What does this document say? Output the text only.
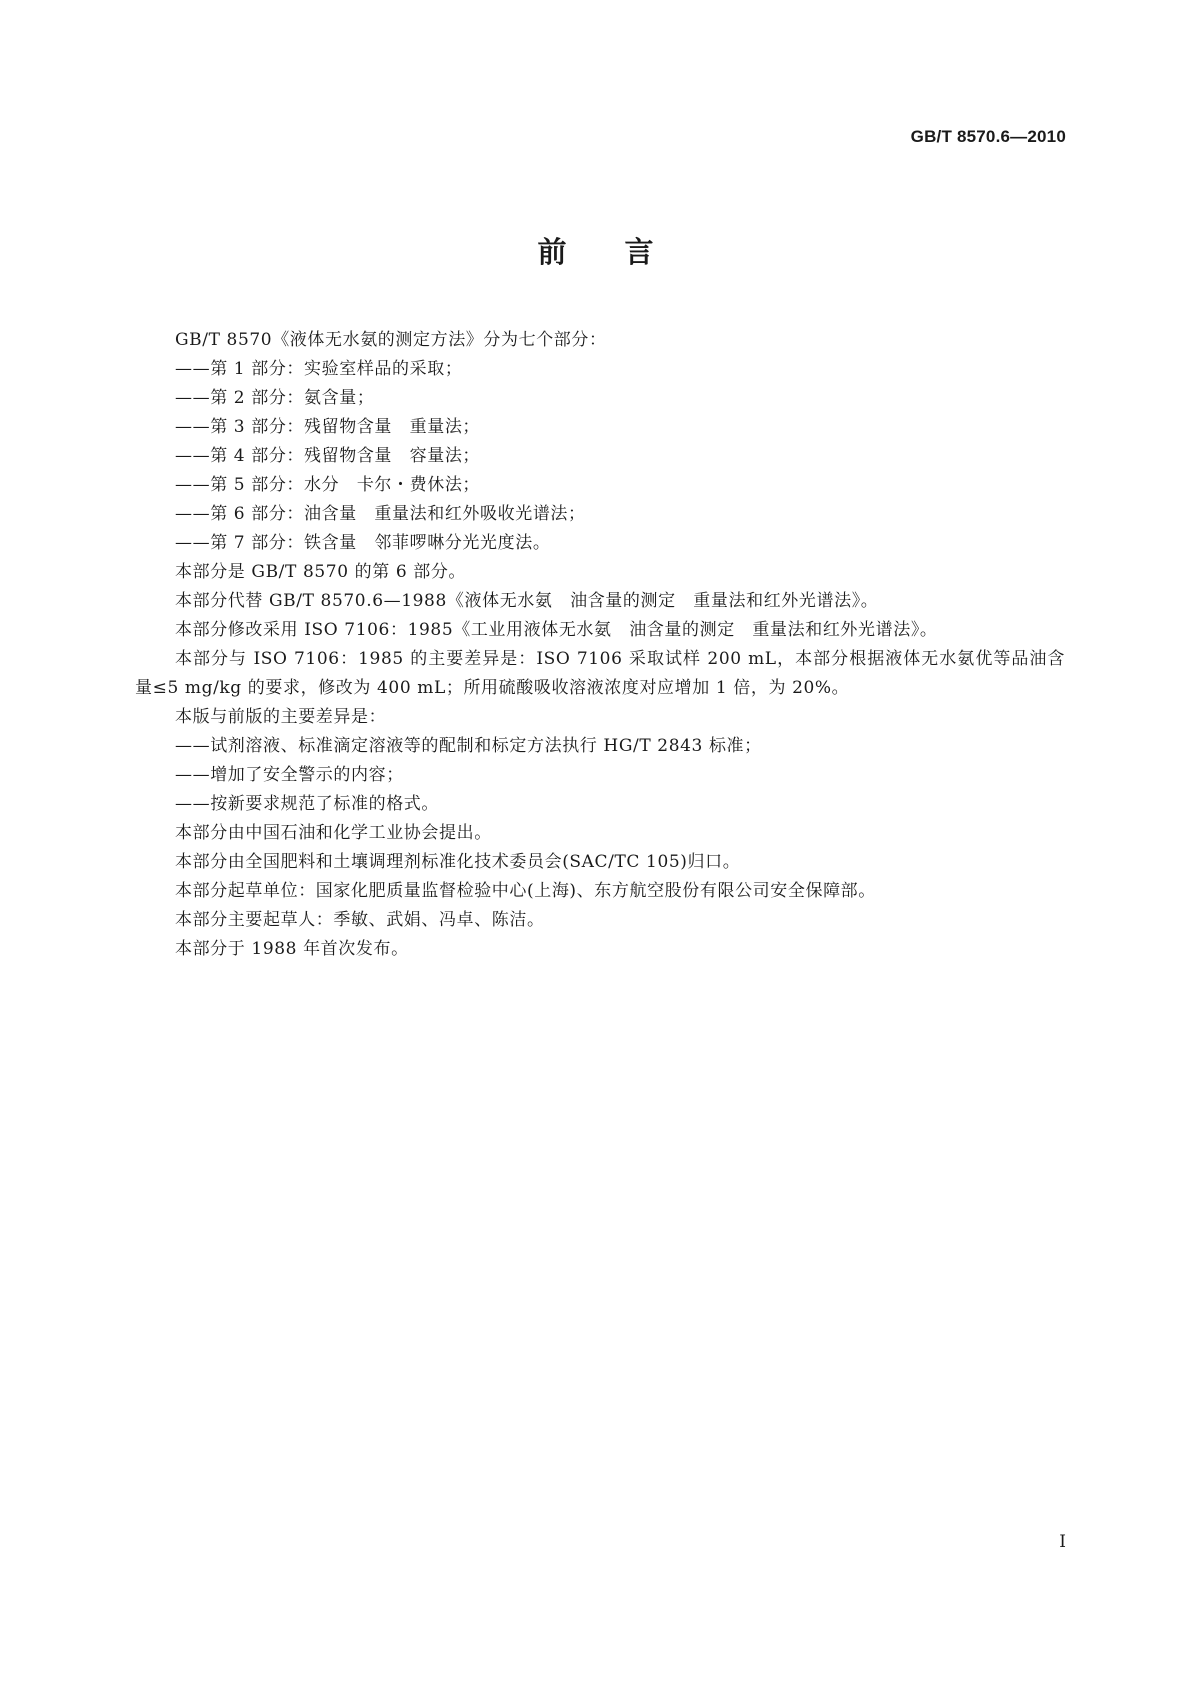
GB/T 8570.6—2010
前言

GB/T 8570《液体无水氨的测定方法》分为七个部分：

——第 1 部分：实验室样品的采取；

——第 2 部分：氨含量；

——第 3 部分：残留物含量　重量法；

——第 4 部分：残留物含量　容量法；

——第 5 部分：水分　卡尔・费休法；

——第 6 部分：油含量　重量法和红外吸收光谱法；

——第 7 部分：铁含量　邻菲啰啉分光光度法。

本部分是 GB/T 8570 的第 6 部分。

本部分代替 GB/T 8570.6—1988《液体无水氨　油含量的测定　重量法和红外光谱法》。

本部分修改采用 ISO 7106：1985《工业用液体无水氨　油含量的测定　重量法和红外光谱法》。

本部分与 ISO 7106：1985 的主要差异是：ISO 7106 采取试样 200 mL，本部分根据液体无水氨优等品油含量≤5 mg/kg 的要求，修改为 400 mL；所用硫酸吸收溶液浓度对应增加 1 倍，为 20%。

本版与前版的主要差异是：

——试剂溶液、标准滴定溶液等的配制和标定方法执行 HG/T 2843 标准；

——增加了安全警示的内容；

——按新要求规范了标准的格式。

本部分由中国石油和化学工业协会提出。

本部分由全国肥料和土壤调理剂标准化技术委员会(SAC/TC 105)归口。

本部分起草单位：国家化肥质量监督检验中心(上海)、东方航空股份有限公司安全保障部。

本部分主要起草人：季敏、武娟、冯卓、陈洁。

本部分于 1988 年首次发布。

I
